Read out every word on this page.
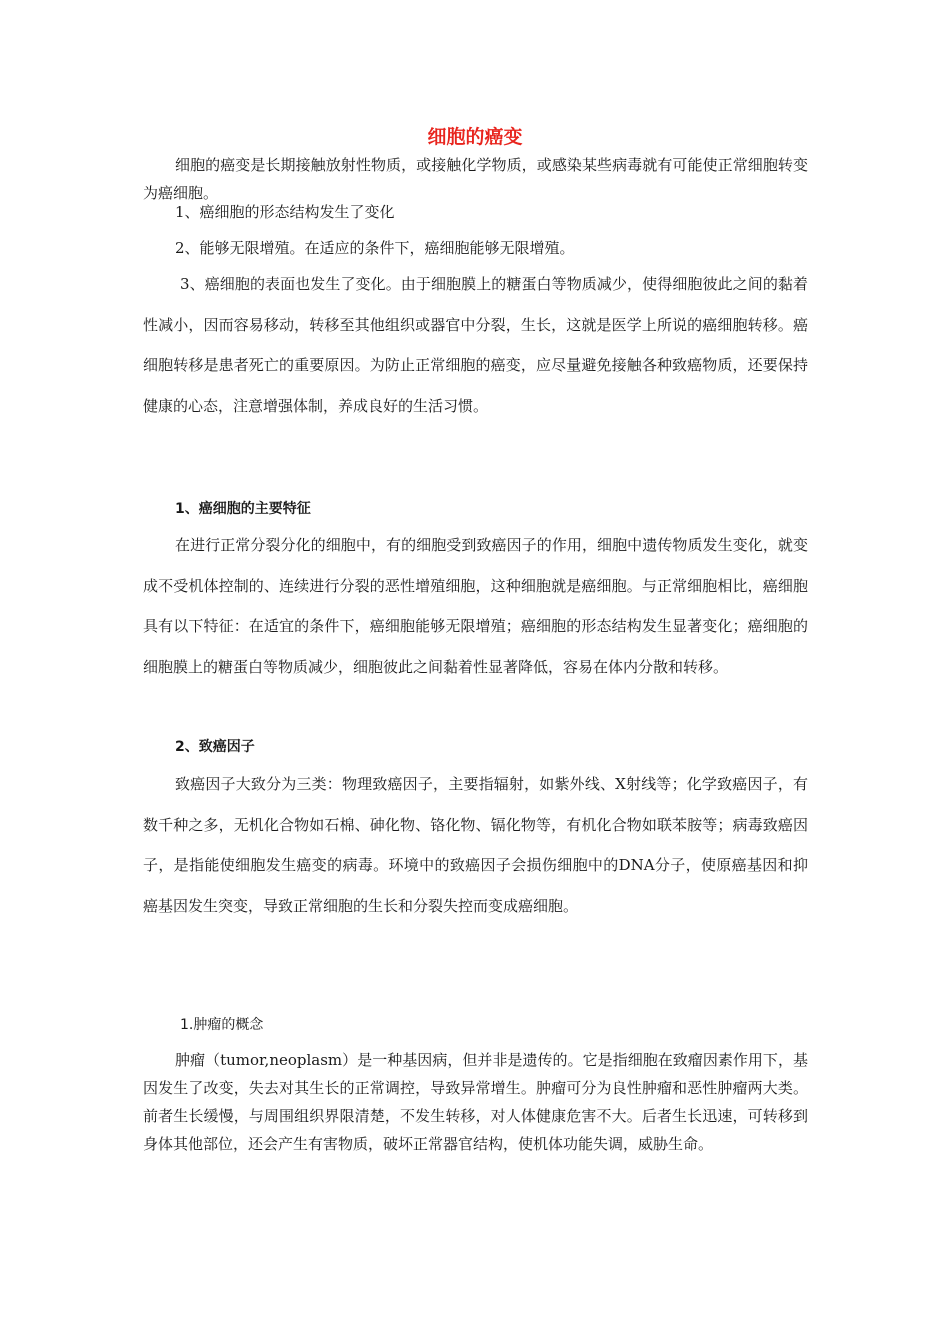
细胞的癌变

细胞的癌变是长期接触放射性物质，或接触化学物质，或感染某些病毒就有可能使正常细胞转变为癌细胞。

1、癌细胞的形态结构发生了变化

2、能够无限增殖。在适应的条件下，癌细胞能够无限增殖。

3、癌细胞的表面也发生了变化。由于细胞膜上的糖蛋白等物质减少，使得细胞彼此之间的黏着性减小，因而容易移动，转移至其他组织或器官中分裂，生长，这就是医学上所说的癌细胞转移。癌细胞转移是患者死亡的重要原因。为防止正常细胞的癌变，应尽量避免接触各种致癌物质，还要保持健康的心态，注意增强体制，养成良好的生活习惯。

1、癌细胞的主要特征

在进行正常分裂分化的细胞中，有的细胞受到致癌因子的作用，细胞中遗传物质发生变化，就变成不受机体控制的、连续进行分裂的恶性增殖细胞，这种细胞就是癌细胞。与正常细胞相比，癌细胞具有以下特征：在适宜的条件下，癌细胞能够无限增殖；癌细胞的形态结构发生显著变化；癌细胞的细胞膜上的糖蛋白等物质减少，细胞彼此之间黏着性显著降低，容易在体内分散和转移。

2、致癌因子

致癌因子大致分为三类：物理致癌因子，主要指辐射，如紫外线、X射线等；化学致癌因子，有数千种之多，无机化合物如石棉、砷化物、铬化物、镉化物等，有机化合物如联苯胺等；病毒致癌因子，是指能使细胞发生癌变的病毒。环境中的致癌因子会损伤细胞中的DNA分子，使原癌基因和抑癌基因发生突变，导致正常细胞的生长和分裂失控而变成癌细胞。

1.肿瘤的概念

肿瘤（tumor,neoplasm）是一种基因病，但并非是遗传的。它是指细胞在致瘤因素作用下，基因发生了改变，失去对其生长的正常调控，导致异常增生。肿瘤可分为良性肿瘤和恶性肿瘤两大类。前者生长缓慢，与周围组织界限清楚，不发生转移，对人体健康危害不大。后者生长迅速，可转移到身体其他部位，还会产生有害物质，破坏正常器官结构，使机体功能失调，威胁生命。
